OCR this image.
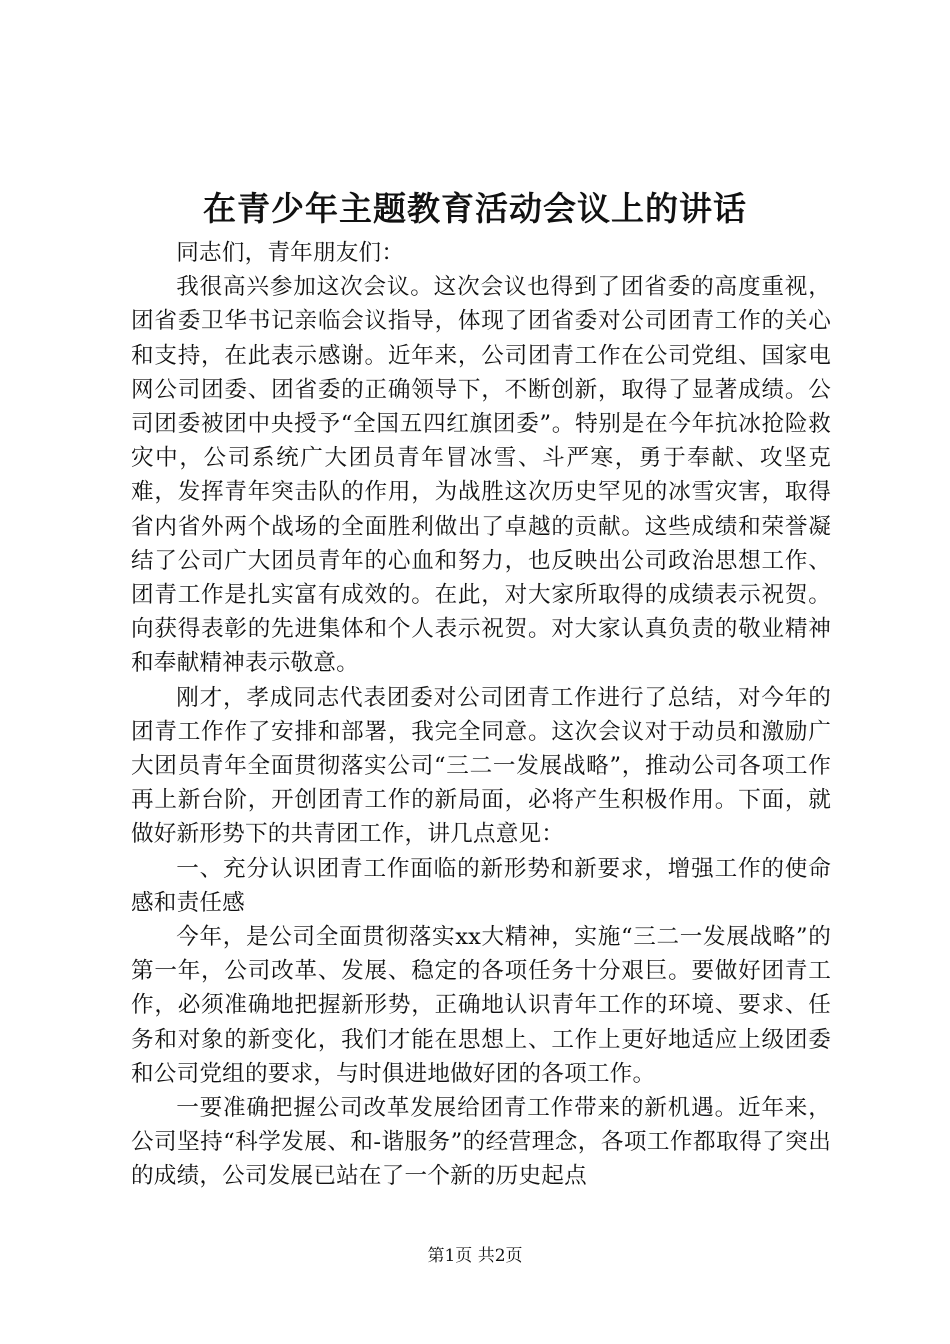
在青少年主题教育活动会议上的讲话

同志们，青年朋友们：

我很高兴参加这次会议。这次会议也得到了团省委的高度重视，团省委卫华书记亲临会议指导，体现了团省委对公司团青工作的关心和支持，在此表示感谢。近年来，公司团青工作在公司党组、国家电网公司团委、团省委的正确领导下，不断创新，取得了显著成绩。公司团委被团中央授予“全国五四红旗团委”。特别是在今年抗冰抢险救灾中，公司系统广大团员青年冒冰雪、斗严寒，勇于奉献、攻坚克难，发挥青年突击队的作用，为战胜这次历史罕见的冰雪灾害，取得省内省外两个战场的全面胜利做出了卓越的贡献。这些成绩和荣誉凝结了公司广大团员青年的心血和努力，也反映出公司政治思想工作、团青工作是扎实富有成效的。在此，对大家所取得的成绩表示祝贺。向获得表彰的先进集体和个人表示祝贺。对大家认真负责的敬业精神和奉献精神表示敬意。

刚才，孝成同志代表团委对公司团青工作进行了总结，对今年的团青工作作了安排和部署，我完全同意。这次会议对于动员和激励广大团员青年全面贯彻落实公司“三二一发展战略”，推动公司各项工作再上新台阶，开创团青工作的新局面，必将产生积极作用。下面，就做好新形势下的共青团工作，讲几点意见：

一、充分认识团青工作面临的新形势和新要求，增强工作的使命感和责任感

今年，是公司全面贯彻落实xx大精神，实施“三二一发展战略”的第一年，公司改革、发展、稳定的各项任务十分艰巨。要做好团青工作，必须准确地把握新形势，正确地认识青年工作的环境、要求、任务和对象的新变化，我们才能在思想上、工作上更好地适应上级团委和公司党组的要求，与时俱进地做好团的各项工作。

一要准确把握公司改革发展给团青工作带来的新机遇。近年来，公司坚持“科学发展、和-谐服务”的经营理念，各项工作都取得了突出的成绩，公司发展已站在了一个新的历史起点

第1页 共2页
